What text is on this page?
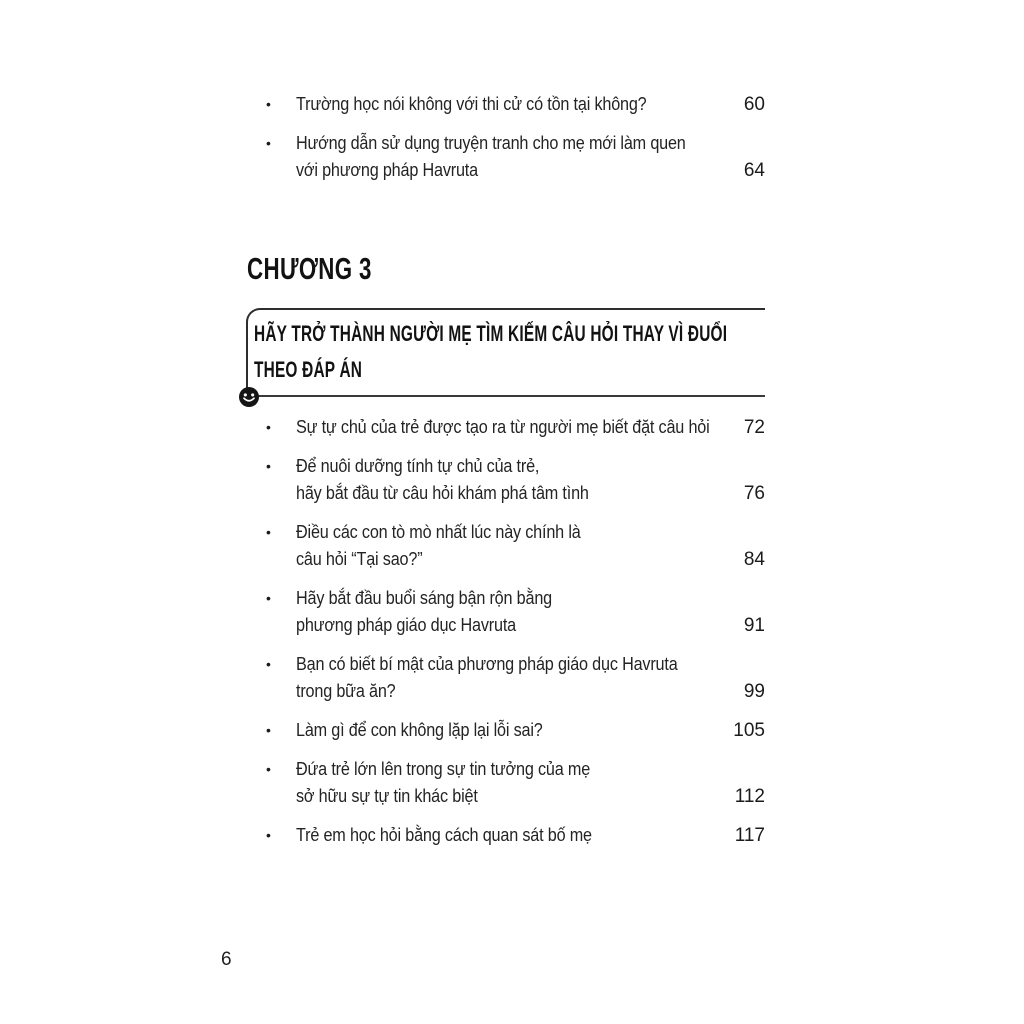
•	Trường học nói không với thi cử có tồn tại không?	60
•	Hướng dẫn sử dụng truyện tranh cho mẹ mới làm quen
với phương pháp Havruta	64
CHƯƠNG 3
HÃY TRỞ THÀNH NGƯỜI MẸ TÌM KIẾM CÂU HỎI THAY VÌ ĐUỔI
THEO ĐÁP ÁN
•	Sự tự chủ của trẻ được tạo ra từ người mẹ biết đặt câu hỏi 72
•	Để nuôi dưỡng tính tự chủ của trẻ,
hãy bắt đầu từ câu hỏi khám phá tâm tình	76
•	Điều các con tò mò nhất lúc này chính là
câu hỏi “Tại sao?”	84
•	Hãy bắt đầu buổi sáng bận rộn bằng
phương pháp giáo dục Havruta	91
•	Bạn có biết bí mật của phương pháp giáo dục Havruta
trong bữa ăn?	99
•	Làm gì để con không lặp lại lỗi sai?	105
•	Đứa trẻ lớn lên trong sự tin tưởng của mẹ
sở hữu sự tự tin khác biệt	112
•	Trẻ em học hỏi bằng cách quan sát bố mẹ	117
6
